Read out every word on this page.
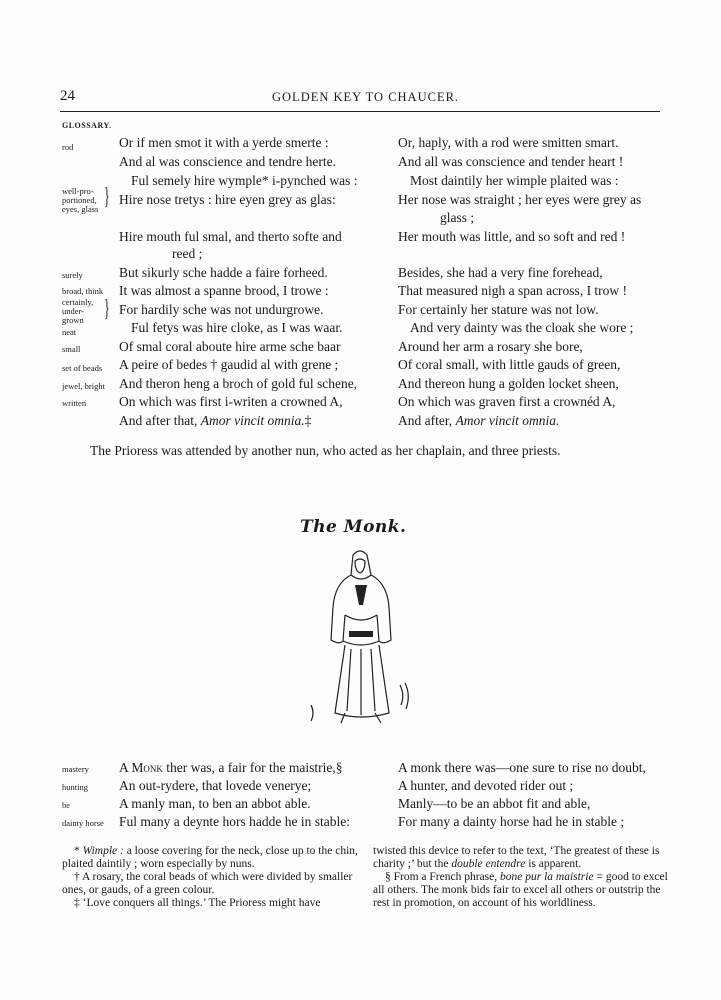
24	GOLDEN KEY TO CHAUCER.
GLOSSARY.
rod
well-pro-
portioned,
eyes, glass }
surely
broad, think
certainly,
under-
grown }
neat
small
set of beads
jewel, bright
written
Or if men smot it with a yerde smerte :
And al was conscience and tendre herte.
Ful semely hire wymple* i-pynched was :
Hire nose tretys : hire eyen grey as glas:
Hire mouth ful smal, and therto softe and
reed ;
But sikurly sche hadde a faire forheed.
It was almost a spanne brood, I trowe :
For hardily sche was not undurgrowe.
Ful fetys was hire cloke, as I was waar.
Of smal coral aboute hire arme sche baar
A peire of bedes † gaudid al with grene ;
And theron heng a broch of gold ful schene,
On which was first i-writen a crowned A,
And after that, Amor vincit omnia.‡
Or, haply, with a rod were smitten smart.
And all was conscience and tender heart !
Most daintily her wimple plaited was :
Her nose was straight ; her eyes were grey as
glass ;
Her mouth was little, and so soft and red !
Besides, she had a very fine forehead,
That measured nigh a span across, I trow !
For certainly her stature was not low.
And very dainty was the cloak she wore ;
Around her arm a rosary she bore,
Of coral small, with little gauds of green,
And thereon hung a golden locket sheen,
On which was graven first a crownéd A,
And after, Amor vincit omnia.
The Prioress was attended by another nun, who acted as her chaplain, and three priests.
The Monk.
mastery
hunting
be
dainty horse
A Monk ther was, a fair for the maistrie,§
An out-rydere, that lovede venerye;
A manly man, to ben an abbot able.
Ful many a deynte hors hadde he in stable:
A monk there was—one sure to rise no doubt,
A hunter, and devoted rider out ;
Manly—to be an abbot fit and able,
For many a dainty horse had he in stable ;

* Wimple : a loose covering for the neck, close up to the chin, plaited daintily ; worn especially by nuns.

† A rosary, the coral beads of which were divided by smaller ones, or gauds, of a green colour.

‡ ‘Love conquers all things.’ The Prioress might have

twisted this device to refer to the text, ‘The greatest of these is charity ;’ but the double entendre is apparent.

§ From a French phrase, bone pur la maistrie = good to excel all others. The monk bids fair to excel all others or outstrip the rest in promotion, on account of his worldliness.
